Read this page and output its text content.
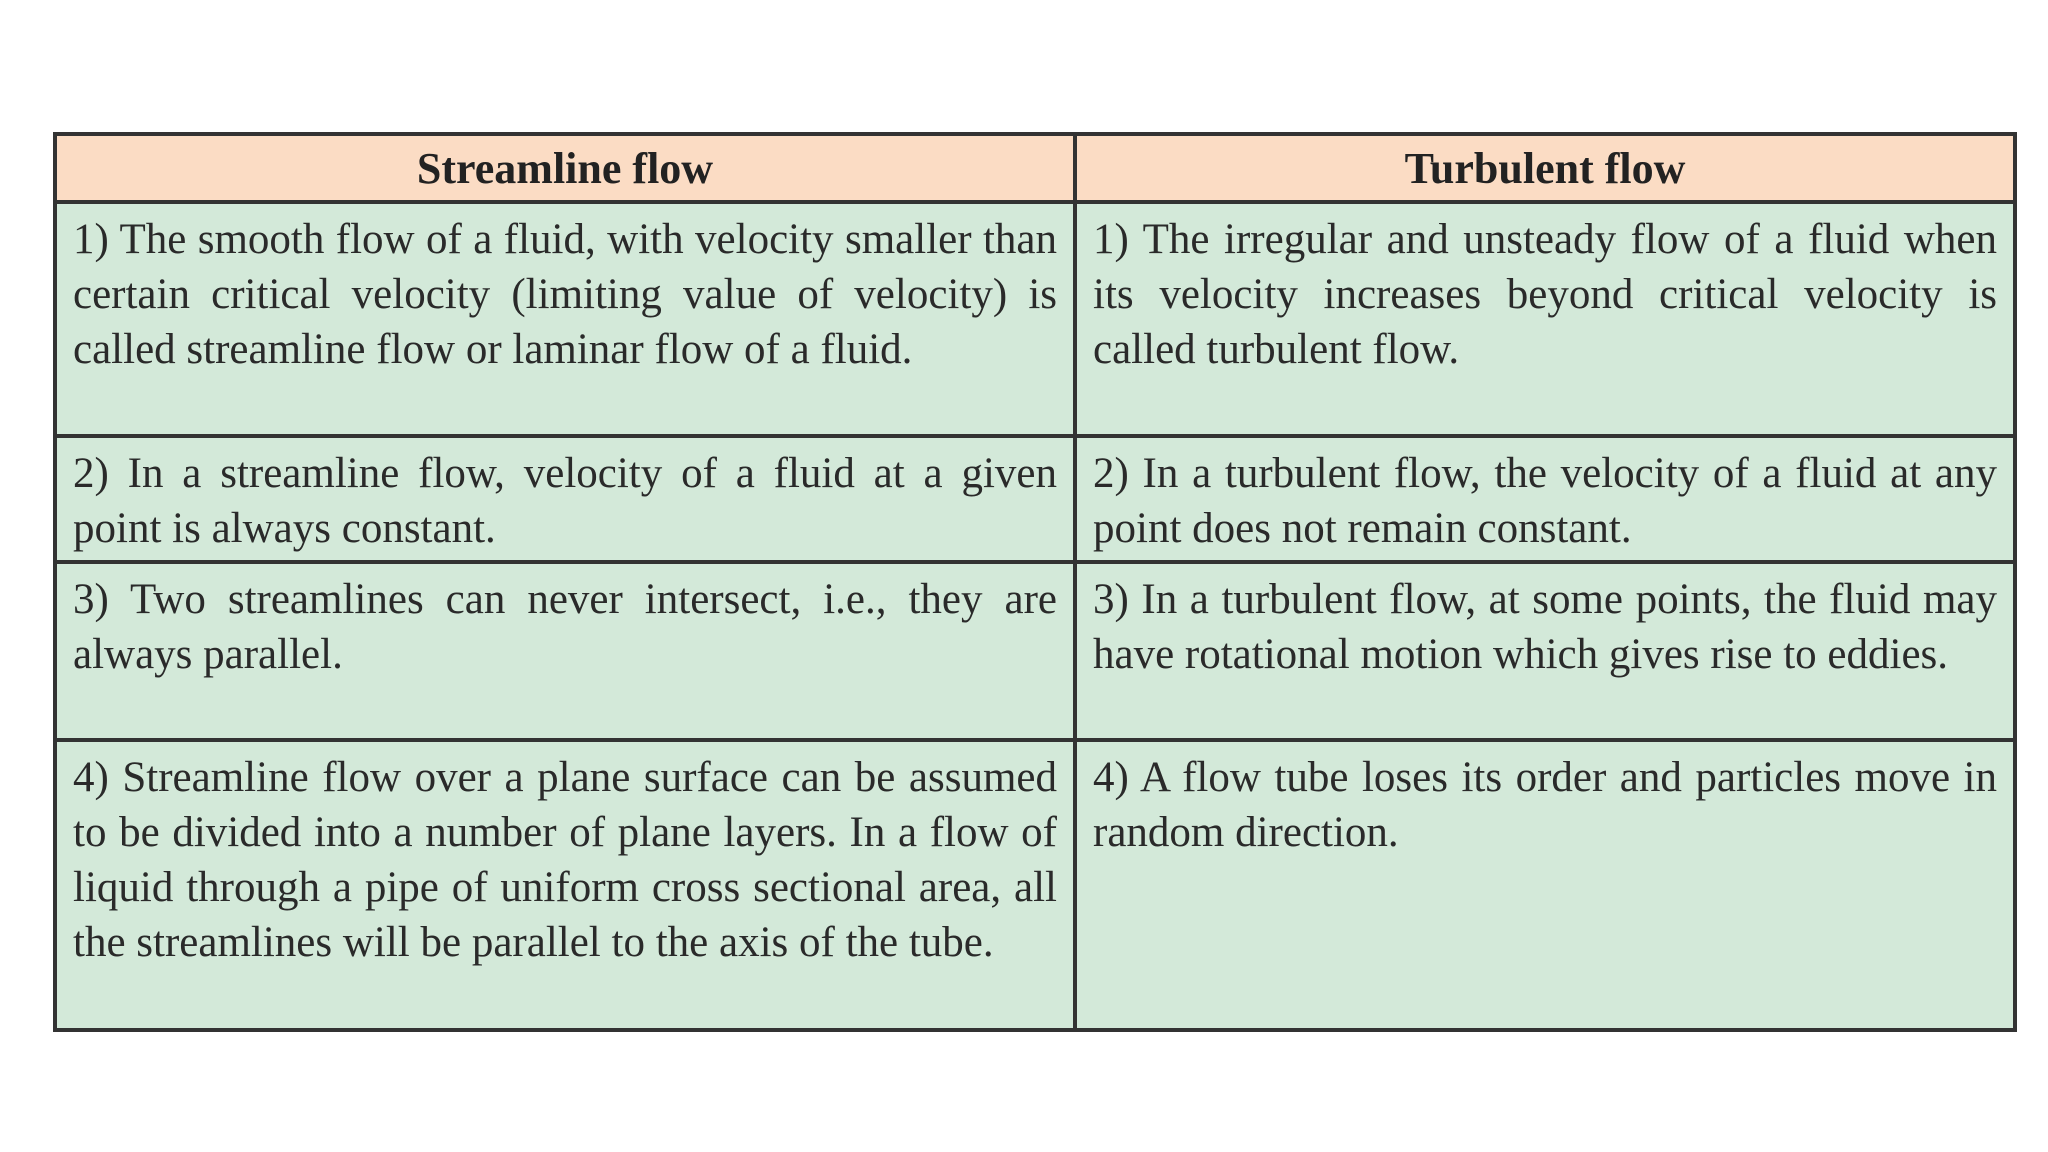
Streamline flow	Turbulent flow
1) The smooth flow of a fluid, with velocity smaller than certain critical velocity (limiting value of velocity) is called streamline flow or laminar flow of a fluid.	1) The irregular and unsteady flow of a fluid when its velocity increases beyond critical velocity is called turbulent flow.
2) In a streamline flow, velocity of a fluid at a given point is always constant.	2) In a turbulent flow, the velocity of a fluid at any point does not remain constant.
3) Two streamlines can never intersect, i.e., they are always parallel.	3) In a turbulent flow, at some points, the fluid may have rotational motion which gives rise to eddies.
4) Streamline flow over a plane surface can be assumed to be divided into a number of plane layers. In a flow of liquid through a pipe of uniform cross sectional area, all the streamlines will be parallel to the axis of the tube.	4) A flow tube loses its order and particles move in random direction.
